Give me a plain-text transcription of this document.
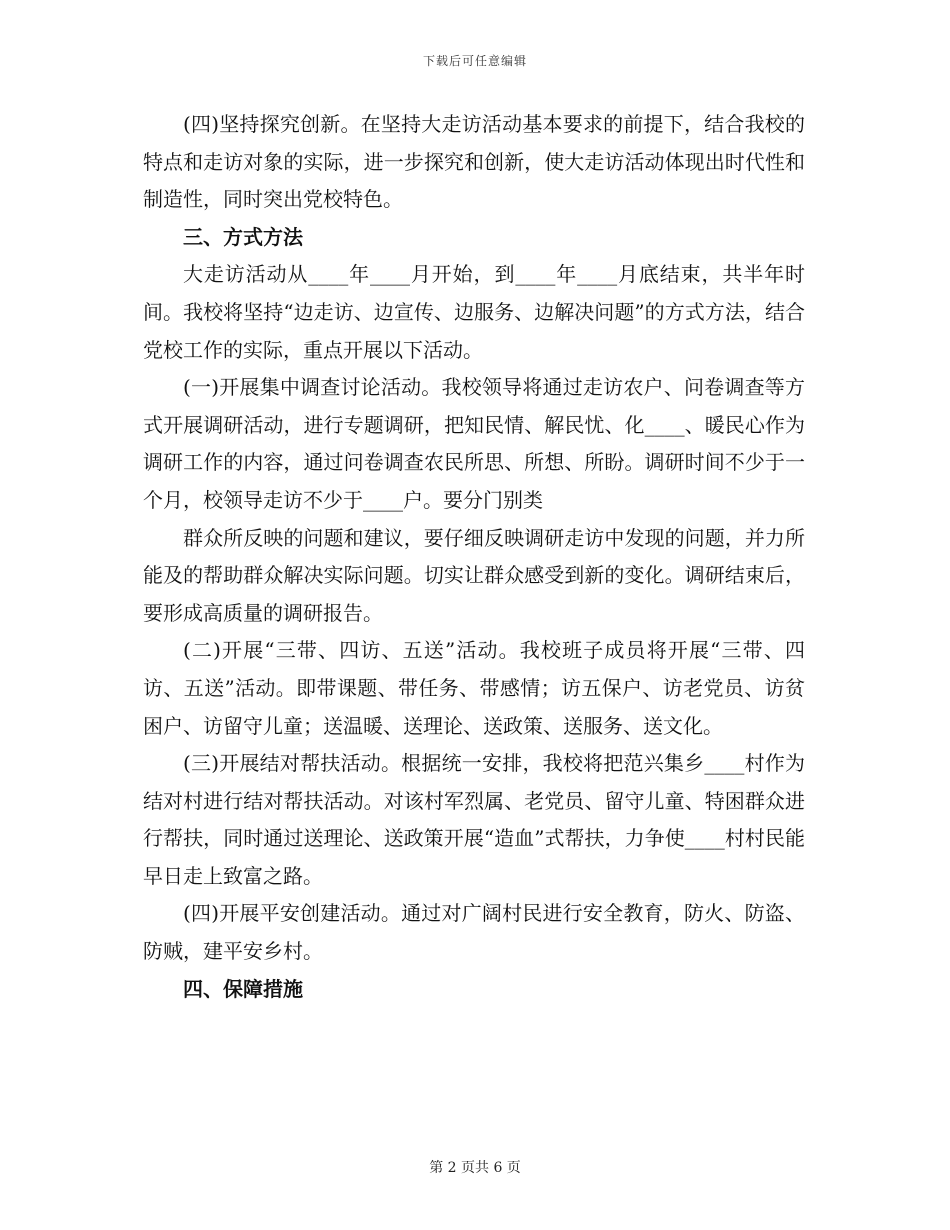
下载后可任意编辑

(四)坚持探究创新。在坚持大走访活动基本要求的前提下，结合我校的特点和走访对象的实际，进一步探究和创新，使大走访活动体现出时代性和制造性，同时突出党校特色。

三、方式方法

大走访活动从____年____月开始，到____年____月底结束，共半年时间。我校将坚持“边走访、边宣传、边服务、边解决问题”的方式方法，结合党校工作的实际，重点开展以下活动。

(一)开展集中调查讨论活动。我校领导将通过走访农户、问卷调查等方式开展调研活动，进行专题调研，把知民情、解民忧、化____、暖民心作为调研工作的内容，通过问卷调查农民所思、所想、所盼。调研时间不少于一个月，校领导走访不少于____户。要分门别类

群众所反映的问题和建议，要仔细反映调研走访中发现的问题，并力所能及的帮助群众解决实际问题。切实让群众感受到新的变化。调研结束后，要形成高质量的调研报告。

(二)开展“三带、四访、五送”活动。我校班子成员将开展“三带、四访、五送”活动。即带课题、带任务、带感情；访五保户、访老党员、访贫困户、访留守儿童；送温暖、送理论、送政策、送服务、送文化。

(三)开展结对帮扶活动。根据统一安排，我校将把范兴集乡____村作为结对村进行结对帮扶活动。对该村军烈属、老党员、留守儿童、特困群众进行帮扶，同时通过送理论、送政策开展“造血”式帮扶，力争使____村村民能早日走上致富之路。

(四)开展平安创建活动。通过对广阔村民进行安全教育，防火、防盗、防贼，建平安乡村。

四、保障措施

第 2 页共 6 页
